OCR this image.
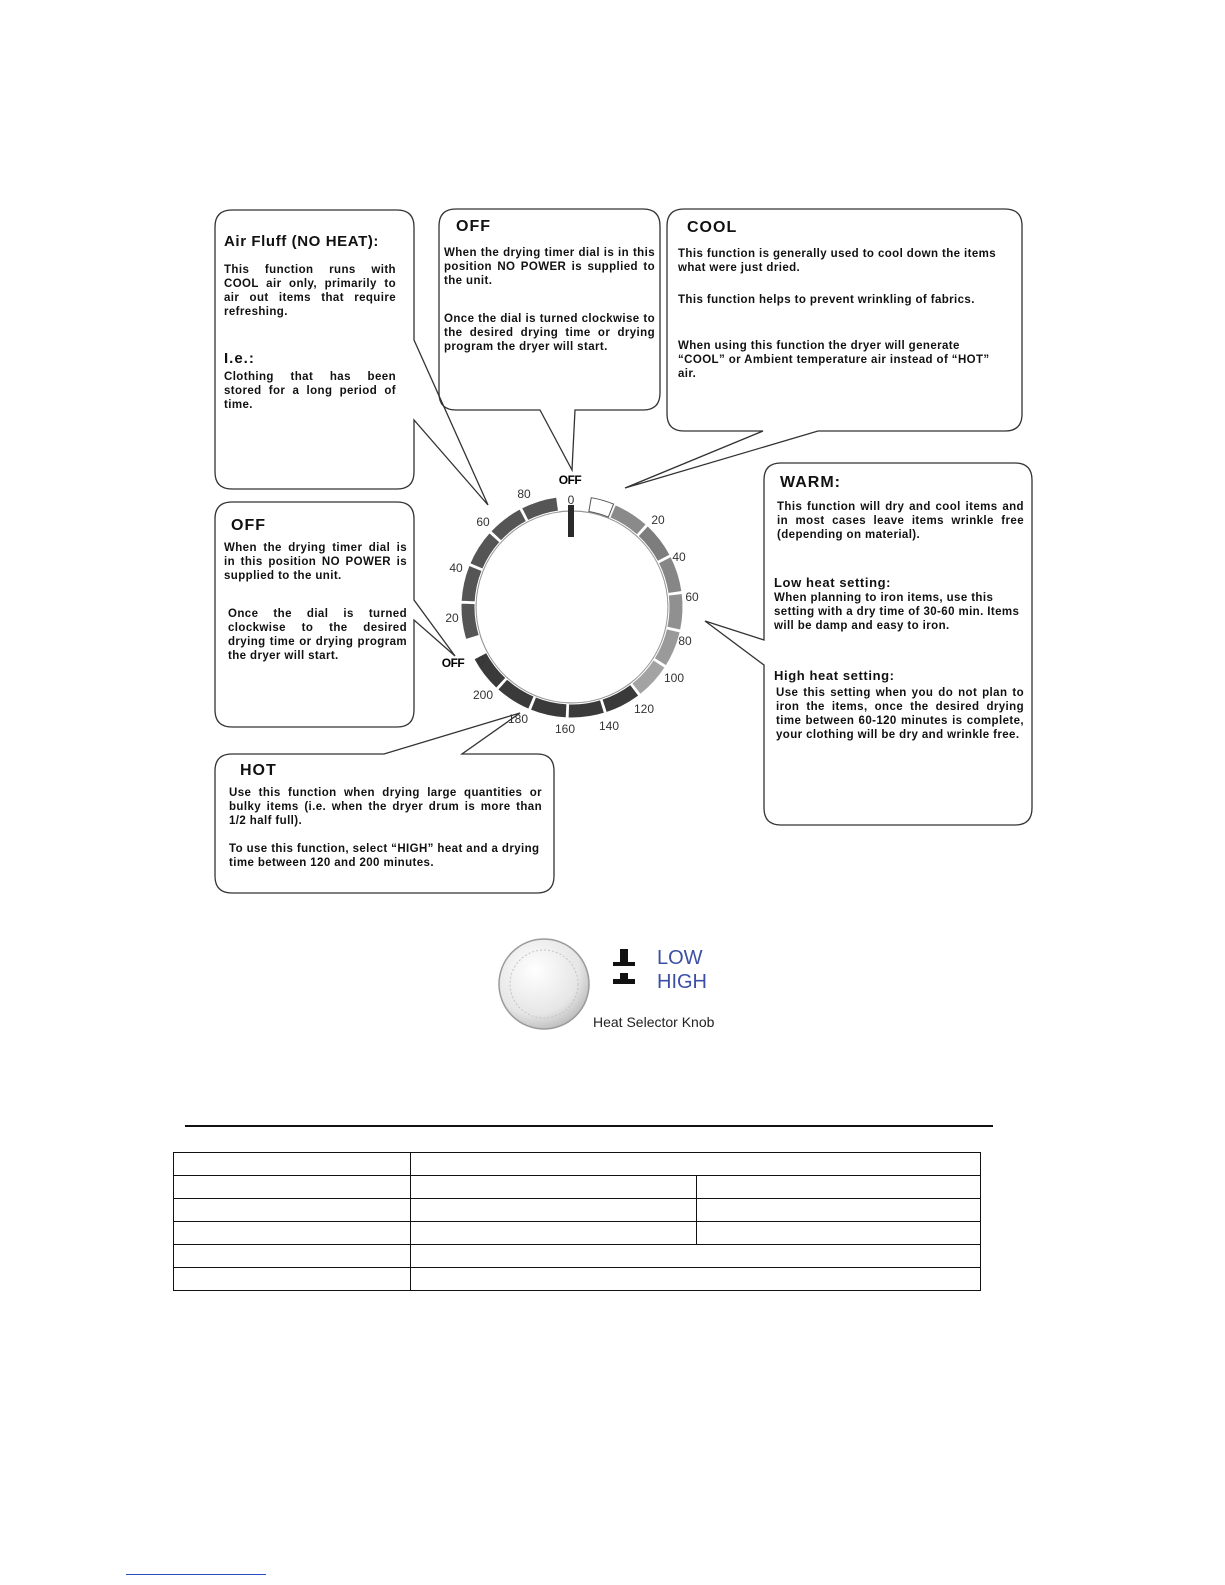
OFF
0
OFF 0
20
40
60
80
100
120
140
160
180
200
20
40
60
80
Air Fluff (NO HEAT):

This function runs with COOL air only, primarily to air out items that require refreshing.

I.e.:

Clothing that has been stored for a long period of time.

OFF

When the drying timer dial is in this position NO POWER is supplied to the unit.

Once the dial is turned clockwise to the desired drying time or drying program the dryer will start.

COOL

This function is generally used to cool down the items what were just dried.

This function helps to prevent wrinkling of fabrics.

When using this function the dryer will generate “COOL” or Ambient temperature air instead of “HOT” air.

OFF

When the drying timer dial is in this position NO POWER is supplied to the unit.

Once the dial is turned clockwise to the desired drying time or drying program the dryer will start.

WARM:

This function will dry and cool items and in most cases leave items wrinkle free (depending on material).

Low heat setting:

When planning to iron items, use this setting with a dry time of 30-60 min. Items will be damp and easy to iron.

High heat setting:

Use this setting when you do not plan to iron the items, once the desired drying time between 60-120 minutes is complete, your clothing will be dry and wrinkle free.

HOT

Use this function when drying large quantities or bulky items (i.e. when the dryer drum is more than 1/2 half full).

To use this function, select “HIGH” heat and a drying time between 120 and 200 minutes.

LOW
HIGH
Heat Selector Knob
